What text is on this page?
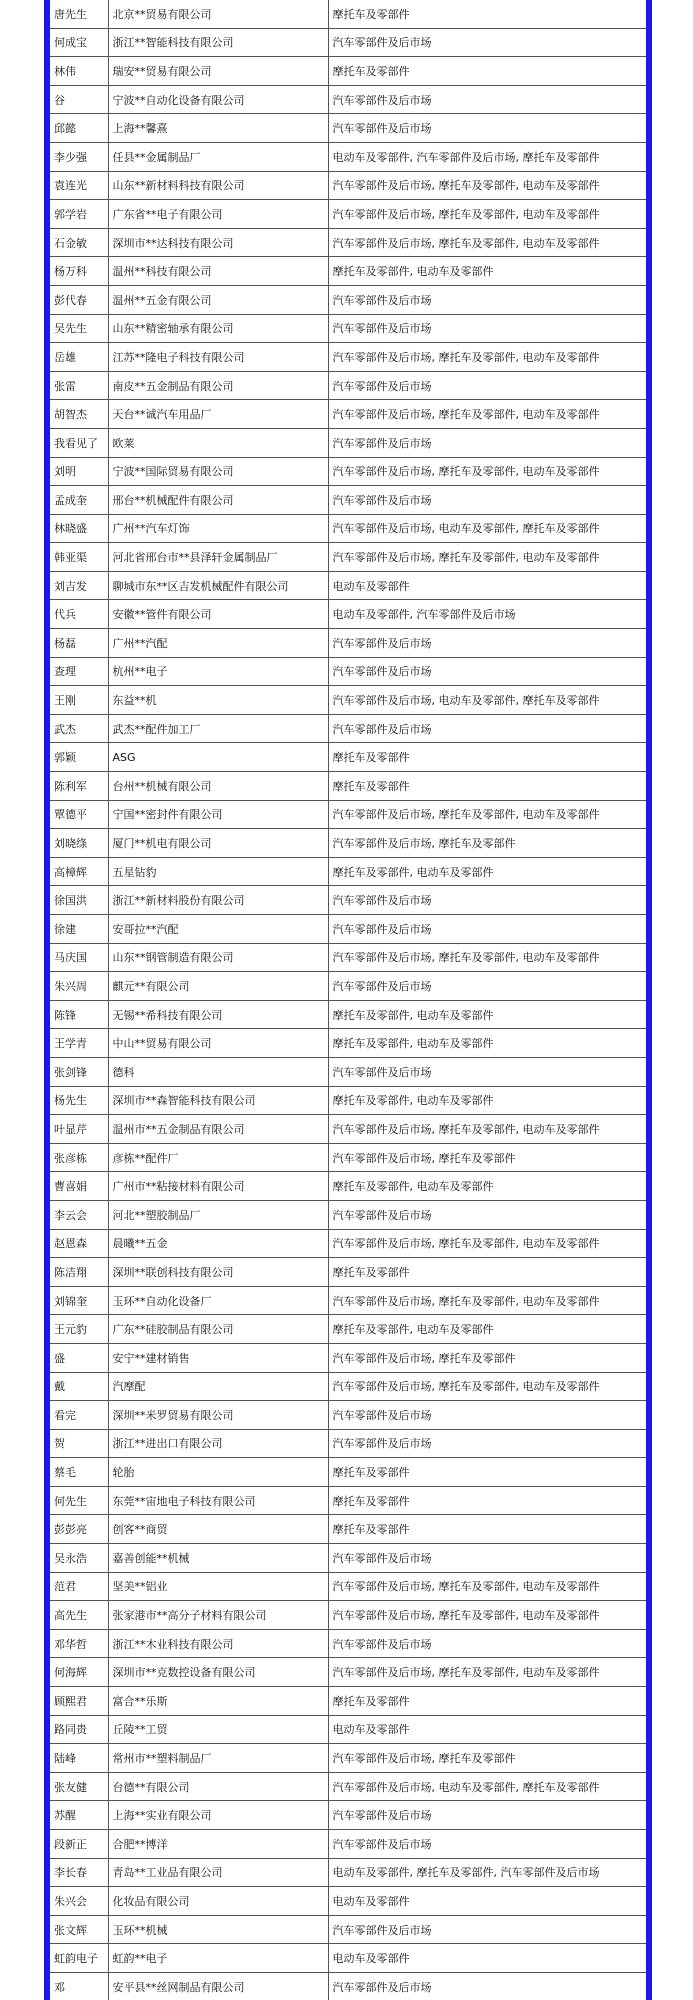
唐先生	北京**贸易有限公司	摩托车及零部件
何成宝	浙江**智能科技有限公司	汽车零部件及后市场
林伟	瑞安**贸易有限公司	摩托车及零部件
谷	宁波**自动化设备有限公司	汽车零部件及后市场
邱懿	上海**馨熹	汽车零部件及后市场
李少强	任县**金属制品厂	电动车及零部件, 汽车零部件及后市场, 摩托车及零部件
袁连光	山东**新材料科技有限公司	汽车零部件及后市场, 摩托车及零部件, 电动车及零部件
郭学岩	广东省**电子有限公司	汽车零部件及后市场, 摩托车及零部件, 电动车及零部件
石金敏	深圳市**达科技有限公司	汽车零部件及后市场, 摩托车及零部件, 电动车及零部件
杨万科	温州**科技有限公司	摩托车及零部件, 电动车及零部件
彭代春	温州**五金有限公司	汽车零部件及后市场
吴先生	山东**精密轴承有限公司	汽车零部件及后市场
岳雄	江苏**隆电子科技有限公司	汽车零部件及后市场, 摩托车及零部件, 电动车及零部件
张雷	南皮**五金制品有限公司	汽车零部件及后市场
胡智杰	天台**诚汽车用品厂	汽车零部件及后市场, 摩托车及零部件, 电动车及零部件
我看见了	欧莱	汽车零部件及后市场
刘明	宁波**国际贸易有限公司	汽车零部件及后市场, 摩托车及零部件, 电动车及零部件
孟成奎	邢台**机械配件有限公司	汽车零部件及后市场
林晓盛	广州**汽车灯饰	汽车零部件及后市场, 电动车及零部件, 摩托车及零部件
韩亚渠	河北省邢台市**县泽轩金属制品厂	汽车零部件及后市场, 摩托车及零部件, 电动车及零部件
刘吉发	聊城市东**区吉发机械配件有限公司	电动车及零部件
代兵	安徽**管件有限公司	电动车及零部件, 汽车零部件及后市场
杨磊	广州**汽配	汽车零部件及后市场
查理	杭州**电子	汽车零部件及后市场
王刚	东益**机	汽车零部件及后市场, 电动车及零部件, 摩托车及零部件
武杰	武杰**配件加工厂	汽车零部件及后市场
郭颖	ASG	摩托车及零部件
陈利军	台州**机械有限公司	摩托车及零部件
覃德平	宁国**密封件有限公司	汽车零部件及后市场, 摩托车及零部件, 电动车及零部件
刘晓绦	厦门**机电有限公司	汽车零部件及后市场, 摩托车及零部件
高樟辉	五星钻豹	摩托车及零部件, 电动车及零部件
徐国洪	浙江**新材料股份有限公司	汽车零部件及后市场
徐建	安哥拉**汽配	汽车零部件及后市场
马庆国	山东**钢管制造有限公司	汽车零部件及后市场, 摩托车及零部件, 电动车及零部件
朱兴周	麒元**有限公司	汽车零部件及后市场
陈锋	无锡**希科技有限公司	摩托车及零部件, 电动车及零部件
王学青	中山**贸易有限公司	摩托车及零部件, 电动车及零部件
张剑锋	德科	汽车零部件及后市场
杨先生	深圳市**森智能科技有限公司	摩托车及零部件, 电动车及零部件
叶显芹	温州市**五金制品有限公司	汽车零部件及后市场, 摩托车及零部件, 电动车及零部件
张彦栋	彦栋**配件厂	汽车零部件及后市场, 摩托车及零部件
曹喜娟	广州市**粘接材料有限公司	摩托车及零部件, 电动车及零部件
李云会	河北**塑胶制品厂	汽车零部件及后市场
赵恩森	晨曦**五金	汽车零部件及后市场, 摩托车及零部件, 电动车及零部件
陈洁翔	深圳**联创科技有限公司	摩托车及零部件
刘锦奎	玉环**自动化设备厂	汽车零部件及后市场, 摩托车及零部件, 电动车及零部件
王元豹	广东**硅胶制品有限公司	摩托车及零部件, 电动车及零部件
盛	安宁**建材销售	汽车零部件及后市场, 摩托车及零部件
戴	汽摩配	汽车零部件及后市场, 摩托车及零部件, 电动车及零部件
看完	深圳**米罗贸易有限公司	汽车零部件及后市场
贺	浙江**进出口有限公司	汽车零部件及后市场
蔡毛	轮胎	摩托车及零部件
何先生	东莞**宙地电子科技有限公司	摩托车及零部件
彭彭亮	创客**商贸	摩托车及零部件
吴永浩	嘉善创能**机械	汽车零部件及后市场
范君	坚美**铝业	汽车零部件及后市场, 摩托车及零部件, 电动车及零部件
高先生	张家港市**高分子材料有限公司	汽车零部件及后市场, 摩托车及零部件, 电动车及零部件
邓华哲	浙江**木业科技有限公司	汽车零部件及后市场
何海辉	深圳市**克数控设备有限公司	汽车零部件及后市场, 摩托车及零部件, 电动车及零部件
顾熙君	富合**乐斯	摩托车及零部件
路同贵	丘陵**工贸	电动车及零部件
陆峰	常州市**塑料制品厂	汽车零部件及后市场, 摩托车及零部件
张友健	台德**有限公司	汽车零部件及后市场, 电动车及零部件, 摩托车及零部件
苏醒	上海**实业有限公司	汽车零部件及后市场
段新正	合肥**博洋	汽车零部件及后市场
李长春	青岛**工业品有限公司	电动车及零部件, 摩托车及零部件, 汽车零部件及后市场
朱兴会	化妆品有限公司	电动车及零部件
张文辉	玉环**机械	汽车零部件及后市场
虹韵电子	虹韵**电子	电动车及零部件
邓	安平县**丝网制品有限公司	汽车零部件及后市场
